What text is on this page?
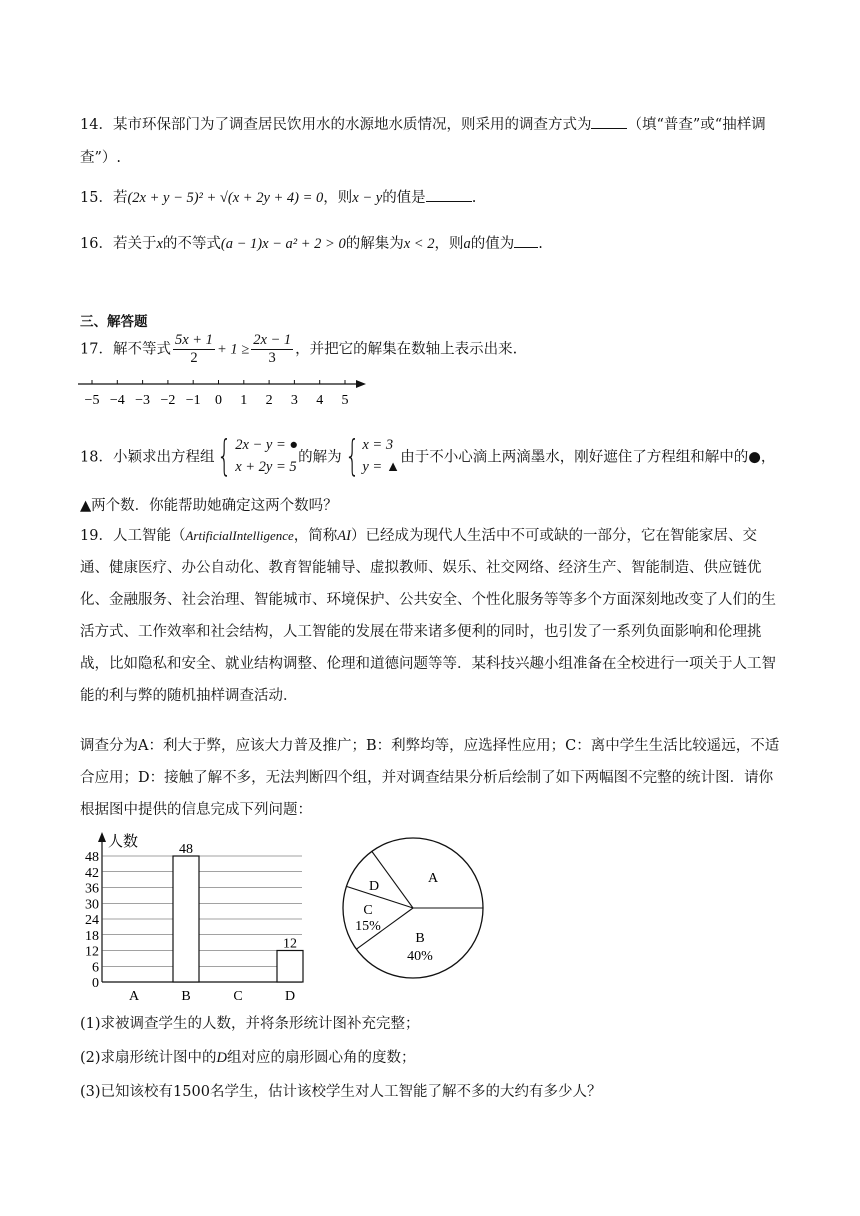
14．某市环保部门为了调查居民饮用水的水源地水质情况，则采用的调查方式为 （填“普查”或“抽样调
查”）.
15．若(2x + y − 5)² + √(x + 2y + 4) = 0，则x − y的值是	.
16．若关于x的不等式(a − 1)x − a² + 2 > 0的解集为x < 2，则a的值为 .
三、解答题
17．解不等式 $\frac{5x + 1}{2} + 1 \ge \frac{2x - 1}{3}$ ，并把它的解集在数轴上表示出来.
−5 −4 −3 −2 −1 0 1 2 3 4 5
18．小颖求出方程组 { 2x − y = ●
x + 2y = 5
的解为 { x = 3
y = ▲
由于不小心滴上两滴墨水，刚好遮住了方程组和解中的●，
▲两个数．你能帮助她确定这两个数吗？
19．人工智能（ArtificialIntelligence，简称AI）已经成为现代人生活中不可或缺的一部分，它在智能家居、交通、健康医疗、办公自动化、教育智能辅导、虚拟教师、娱乐、社交网络、经济生产、智能制造、供应链优化、金融服务、社会治理、智能城市、环境保护、公共安全、个性化服务等等多个方面深刻地改变了人们的生活方式、工作效率和社会结构，人工智能的发展在带来诸多便利的同时，也引发了一系列负面影响和伦理挑战，比如隐私和安全、就业结构调整、伦理和道德问题等等．某科技兴趣小组准备在全校进行一项关于人工智能的利与弊的随机抽样调查活动．
调查分为A：利大于弊，应该大力普及推广；B：利弊均等，应选择性应用；C：离中学生生活比较遥远，不适合应用；D：接触了解不多，无法判断四个组，并对调查结果分析后绘制了如下两幅图不完整的统计图．请你根据图中提供的信息完成下列问题：
人数
0
6
12
18
24
30
36
42
48
A
48
B	C
12
D
A
B
40%
C
15%
D
(1)求被调查学生的人数，并将条形统计图补充完整；
(2)求扇形统计图中的D组对应的扇形圆心角的度数；
(3)已知该校有1500名学生，估计该校学生对人工智能了解不多的大约有多少人？
